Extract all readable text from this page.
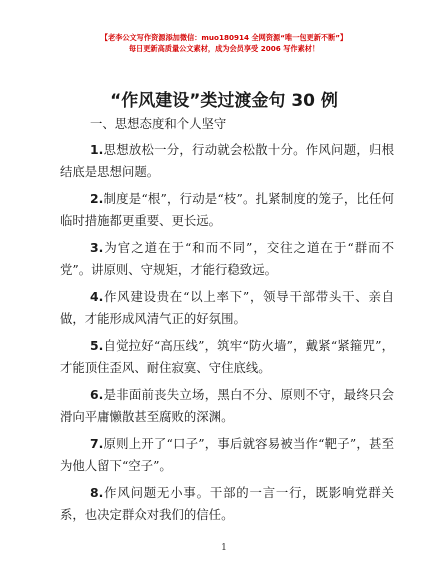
【老李公文写作资源添加微信：muo180914 全网资源“唯一包更新不断”】
每日更新高质量公文素材，成为会员享受 2006 写作素材！
“作风建设”类过渡金句 30 例
一、思想态度和个人坚守

1.思想放松一分，行动就会松散十分。作风问题，归根结底是思想问题。

2.制度是“根”，行动是“枝”。扎紧制度的笼子，比任何临时措施都更重要、更长远。

3.为官之道在于“和而不同”，交往之道在于“群而不党”。讲原则、守规矩，才能行稳致远。

4.作风建设贵在“以上率下”，领导干部带头干、亲自做，才能形成风清气正的好氛围。

5.自觉拉好“高压线”，筑牢“防火墙”，戴紧“紧箍咒”，才能顶住歪风、耐住寂寞、守住底线。

6.是非面前丧失立场，黑白不分、原则不守，最终只会滑向平庸懒散甚至腐败的深渊。

7.原则上开了“口子”，事后就容易被当作“靶子”，甚至为他人留下“空子”。

8.作风问题无小事。干部的一言一行，既影响党群关系，也决定群众对我们的信任。

1
